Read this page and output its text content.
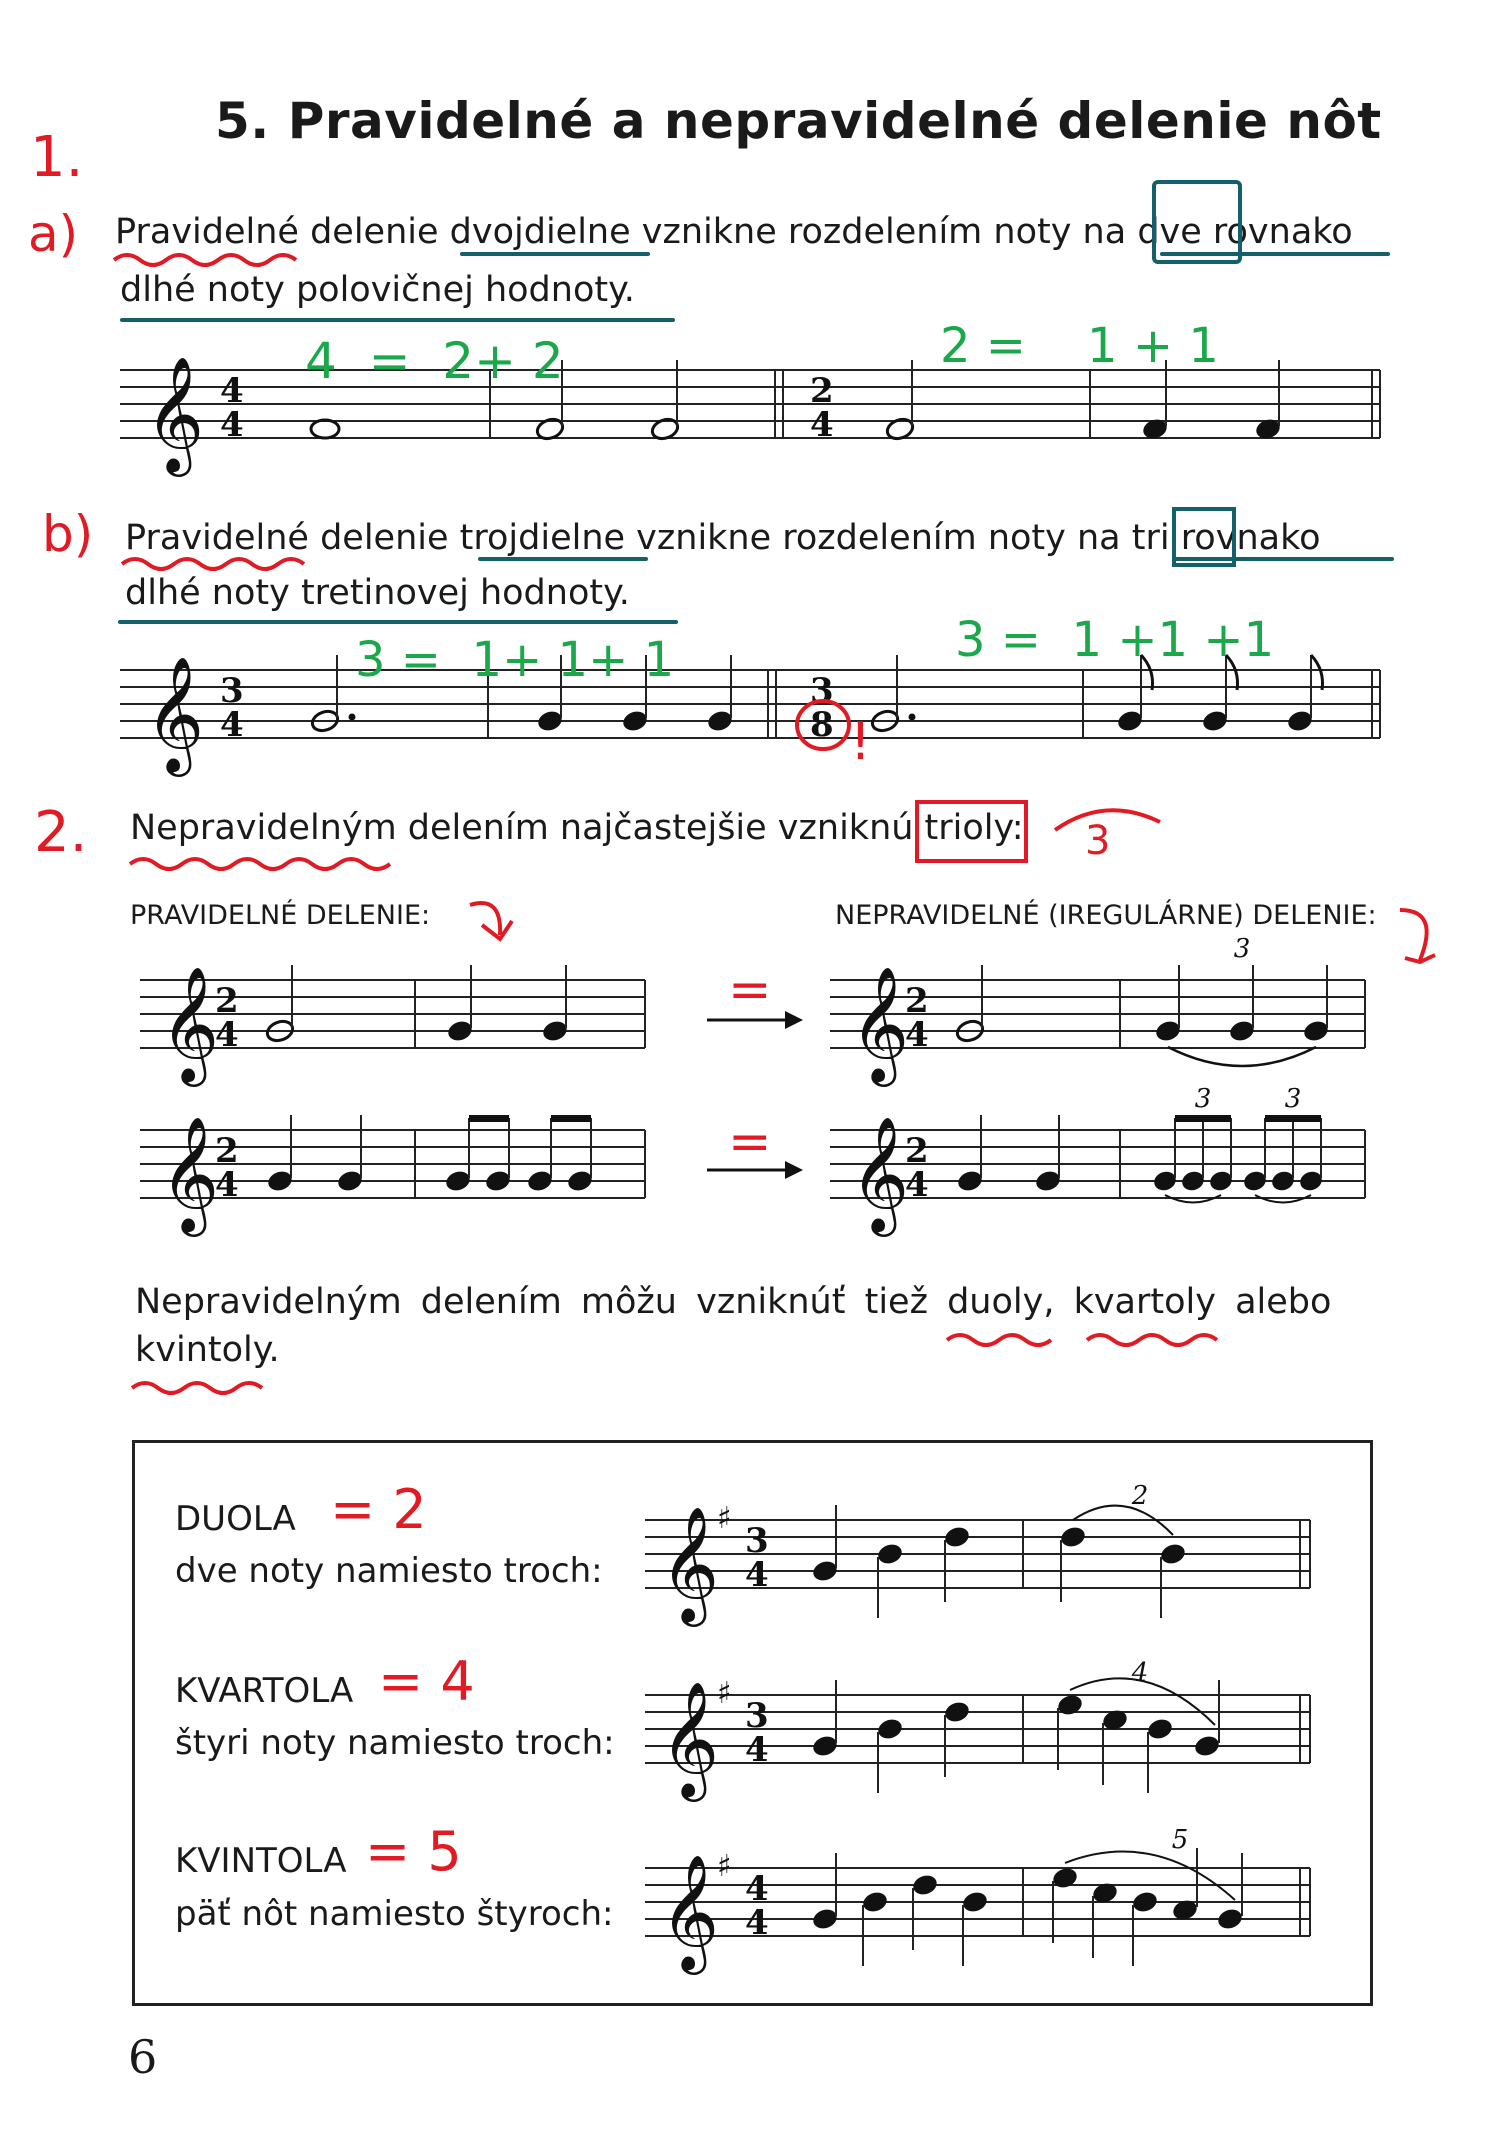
5. Pravidelné a nepravidelné delenie nôt
1.
a)
b)
2.
Pravidelné delenie dvojdielne vznikne rozdelením noty na dve rovnako
dlhé noty polovičnej hodnoty.
𝄞 4
4
2
4
4  =  2+ 2	2 =    1 + 1
Pravidelné delenie trojdielne vznikne rozdelením noty na tri rovnako
dlhé noty tretinovej hodnoty.
𝄞 3
4
3
8 !
3 =  1+ 1+ 1	3 =  1 +1 +1
Nepravidelným delením najčastejšie vzniknú trioly: 3
PRAVIDELNÉ DELENIE:	NEPRAVIDELNÉ (IREGULÁRNE) DELENIE:
𝄞
2
4
= 𝄞
2
4
3
𝄞
2
4
= 𝄞
2
4
3	3
Nepravidelným delením môžu vzniknúť tiež duoly, kvartoly alebo
kvintoly.
DUOLA
dve noty namiesto troch:
= 2
KVARTOLA
štyri noty namiesto troch:
= 4
KVINTOLA
päť nôt namiesto štyroch:
= 5
𝄞
♯
3
4
2
𝄞
♯
3
4
4
𝄞
♯
4
4
5
6
